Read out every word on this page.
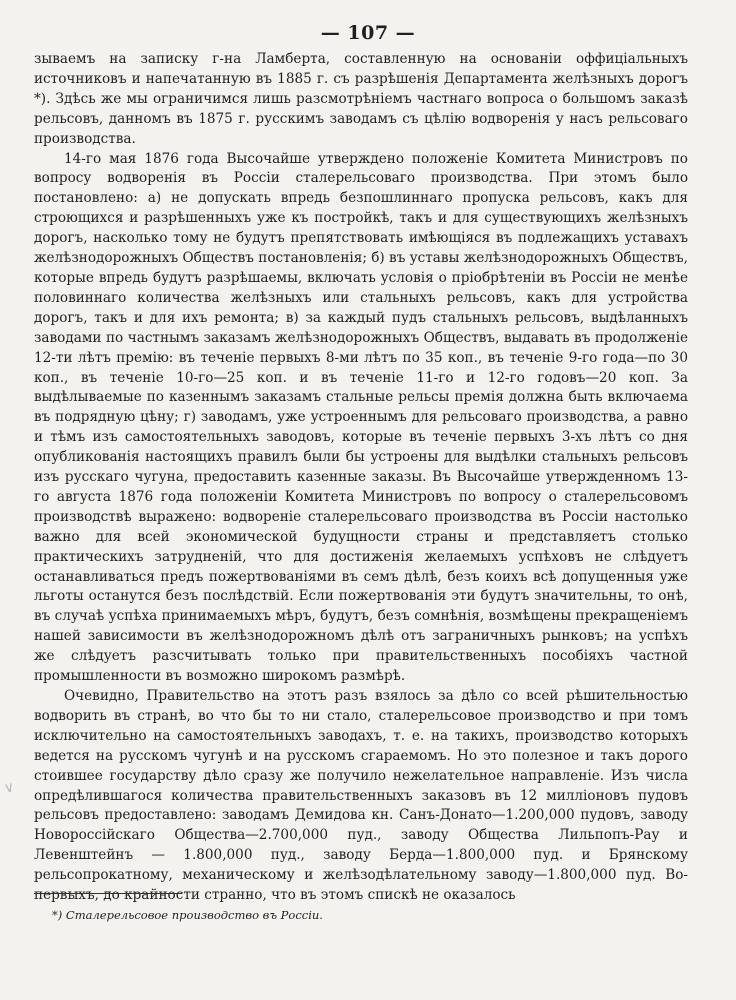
— 107 —
∨

зываемъ на записку г-на Ламберта, составленную на основаніи оффиціальныхъ источниковъ и напечатанную въ 1885 г. съ разрѣшенія Департамента желѣзныхъ дорогъ *). Здѣсь же мы ограничимся лишь разсмотрѣніемъ частнаго вопроса о большомъ заказѣ рельсовъ, данномъ въ 1875 г. русскимъ заводамъ съ цѣлію водворенія у насъ рельсоваго производства.

14-го мая 1876 года Высочайше утверждено положеніе Комитета Министровъ по вопросу водворенія въ Россіи сталерельсоваго производства. При этомъ было постановлено: а) не допускать впредь безпошлиннаго пропуска рельсовъ, какъ для строющихся и разрѣшенныхъ уже къ постройкѣ, такъ и для существующихъ желѣзныхъ дорогъ, насколько тому не будутъ препятствовать имѣющіяся въ подлежащихъ уставахъ желѣзнодорожныхъ Обществъ постановленія; б) въ уставы желѣзнодорожныхъ Обществъ, которые впредь будутъ разрѣшаемы, включать условія о пріобрѣтеніи въ Россіи не менѣе половиннаго количества желѣзныхъ или стальныхъ рельсовъ, какъ для устройства дорогъ, такъ и для ихъ ремонта; в) за каждый пудъ стальныхъ рельсовъ, выдѣланныхъ заводами по частнымъ заказамъ желѣзнодорожныхъ Обществъ, выдавать въ продолженіе 12-ти лѣтъ премію: въ теченіе первыхъ 8-ми лѣтъ по 35 коп., въ теченіе 9-го года—по 30 коп., въ теченіе 10-го—25 коп. и въ теченіе 11-го и 12-го годовъ—20 коп. За выдѣлываемые по казеннымъ заказамъ стальные рельсы премія должна быть включаема въ подрядную цѣну; г) заводамъ, уже устроеннымъ для рельсоваго производства, а равно и тѣмъ изъ самостоятельныхъ заводовъ, которые въ теченіе первыхъ 3-хъ лѣтъ со дня опубликованія настоящихъ правилъ были бы устроены для выдѣлки стальныхъ рельсовъ изъ русскаго чугуна, предоставить казенные заказы. Въ Высочайше утвержденномъ 13-го августа 1876 года положеніи Комитета Министровъ по вопросу о сталерельсовомъ производствѣ выражено: водвореніе сталерельсоваго производства въ Россіи настолько важно для всей экономической будущности страны и представляетъ столько практическихъ затрудненій, что для достиженія желаемыхъ успѣховъ не слѣдуетъ останавливаться предъ пожертвованіями въ семъ дѣлѣ, безъ коихъ всѣ допущенныя уже льготы останутся безъ послѣдствій. Если пожертвованія эти будутъ значительны, то онѣ, въ случаѣ успѣха принимаемыхъ мѣръ, будутъ, безъ сомнѣнія, возмѣщены прекращеніемъ нашей зависимости въ желѣзнодорожномъ дѣлѣ отъ заграничныхъ рынковъ; на успѣхъ же слѣдуетъ разсчитывать только при правительственныхъ пособіяхъ частной промышленности въ возможно широкомъ размѣрѣ.

Очевидно, Правительство на этотъ разъ взялось за дѣло со всей рѣшительностью водворить въ странѣ, во что бы то ни стало, сталерельсовое производство и при томъ исключительно на самостоятельныхъ заводахъ, т. е. на такихъ, производство которыхъ ведется на русскомъ чугунѣ и на русскомъ сгараемомъ. Но это полезное и такъ дорого стоившее государству дѣло сразу же получило нежелательное направленіе. Изъ числа опредѣлившагося количества правительственныхъ заказовъ въ 12 милліоновъ пудовъ рельсовъ предоставлено: заводамъ Демидова кн. Санъ-Донато—1.200,000 пудовъ, заводу Новороссійскаго Общества—2.700,000 пуд., заводу Общества Лильпопъ-Рау и Левенштейнъ — 1.800,000 пуд., заводу Берда—1.800,000 пуд. и Брянскому рельсопрокатному, механическому и желѣзодѣлательному заводу—1.800,000 пуд. Во-первыхъ, до крайности странно, что въ этомъ спискѣ не оказалось

*) Сталерельсовое производство въ Россіи.
